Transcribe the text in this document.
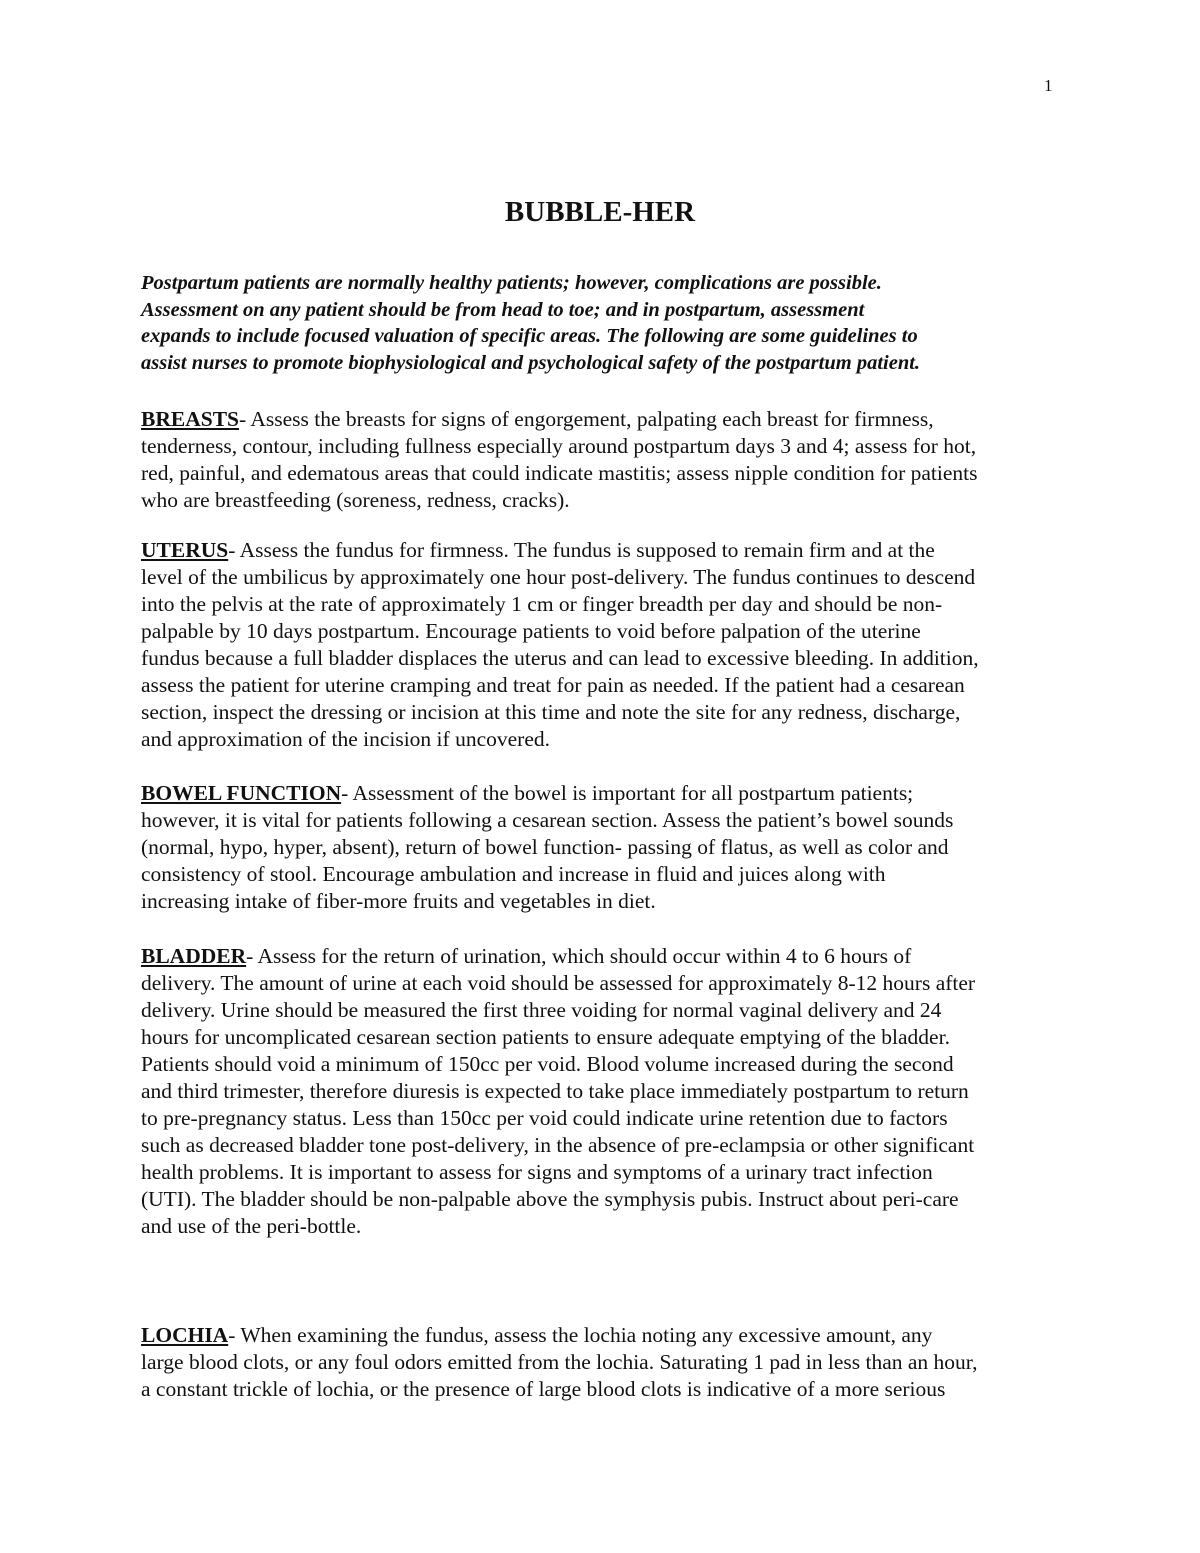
1
BUBBLE-HER
Postpartum patients are normally healthy patients; however, complications are possible.
Assessment on any patient should be from head to toe; and in postpartum, assessment
expands to include focused valuation of specific areas. The following are some guidelines to
assist nurses to promote biophysiological and psychological safety of the postpartum patient.
BREASTS- Assess the breasts for signs of engorgement, palpating each breast for firmness,
tenderness, contour, including fullness especially around postpartum days 3 and 4; assess for hot,
red, painful, and edematous areas that could indicate mastitis; assess nipple condition for patients
who are breastfeeding (soreness, redness, cracks).
UTERUS- Assess the fundus for firmness. The fundus is supposed to remain firm and at the
level of the umbilicus by approximately one hour post-delivery. The fundus continues to descend
into the pelvis at the rate of approximately 1 cm or finger breadth per day and should be non-
palpable by 10 days postpartum. Encourage patients to void before palpation of the uterine
fundus because a full bladder displaces the uterus and can lead to excessive bleeding. In addition,
assess the patient for uterine cramping and treat for pain as needed. If the patient had a cesarean
section, inspect the dressing or incision at this time and note the site for any redness, discharge,
and approximation of the incision if uncovered.
BOWEL FUNCTION- Assessment of the bowel is important for all postpartum patients;
however, it is vital for patients following a cesarean section. Assess the patient’s bowel sounds
(normal, hypo, hyper, absent), return of bowel function- passing of flatus, as well as color and
consistency of stool. Encourage ambulation and increase in fluid and juices along with
increasing intake of fiber-more fruits and vegetables in diet.
BLADDER- Assess for the return of urination, which should occur within 4 to 6 hours of
delivery. The amount of urine at each void should be assessed for approximately 8-12 hours after
delivery. Urine should be measured the first three voiding for normal vaginal delivery and 24
hours for uncomplicated cesarean section patients to ensure adequate emptying of the bladder.
Patients should void a minimum of 150cc per void. Blood volume increased during the second
and third trimester, therefore diuresis is expected to take place immediately postpartum to return
to pre-pregnancy status. Less than 150cc per void could indicate urine retention due to factors
such as decreased bladder tone post-delivery, in the absence of pre-eclampsia or other significant
health problems. It is important to assess for signs and symptoms of a urinary tract infection
(UTI). The bladder should be non-palpable above the symphysis pubis. Instruct about peri-care
and use of the peri-bottle.
LOCHIA- When examining the fundus, assess the lochia noting any excessive amount, any
large blood clots, or any foul odors emitted from the lochia. Saturating 1 pad in less than an hour,
a constant trickle of lochia, or the presence of large blood clots is indicative of a more serious
